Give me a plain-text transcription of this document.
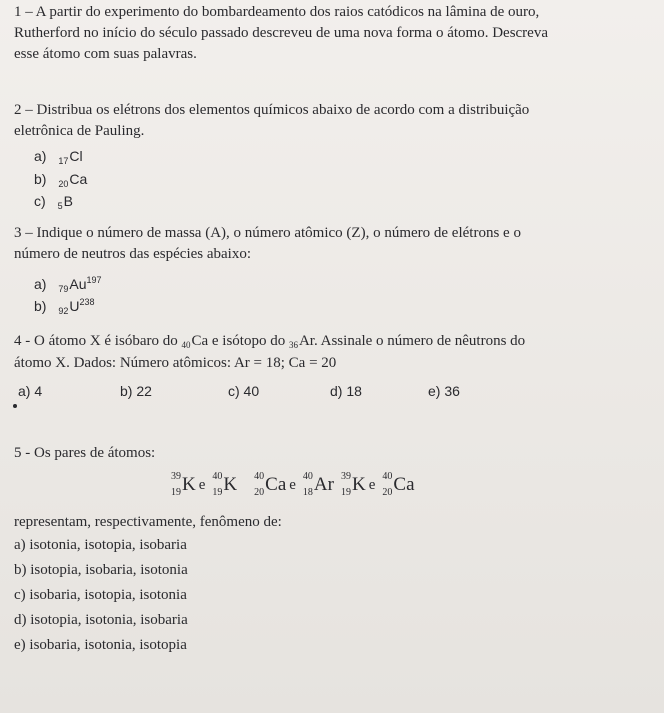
1 – A partir do experimento do bombardeamento dos raios catódicos na lâmina de ouro,
Rutherford no início do século passado descreveu de uma nova forma o átomo. Descreva
esse átomo com suas palavras.
2 – Distribua os elétrons dos elementos químicos abaixo de acordo com a distribuição
eletrônica de Pauling.
a) $_{17}$Cl
b) $_{20}$Ca
c) $_5$B
3 – Indique o número de massa (A), o número atômico (Z), o número de elétrons e o
número de neutros das espécies abaixo:
a) $_{79}Au^{197}$
b) $_{92}U^{238}$
4 - O átomo X é isóbaro do $_{40}$Ca e isótopo do $_{36}$Ar. Assinale o número de nêutrons do
átomo X. Dados: Número atômicos: Ar = 18; Ca = 20
a) 4	b) 22	c) 40	d) 18	e) 36
5 - Os pares de átomos:
39
19 K e 40
19 K 40
20 Ca e 40
18 Ar 39
19 K e 40
20 Ca
representam, respectivamente, fenômeno de:
a) isotonia, isotopia, isobaria
b) isotopia, isobaria, isotonia
c) isobaria, isotopia, isotonia
d) isotopia, isotonia, isobaria
e) isobaria, isotonia, isotopia
